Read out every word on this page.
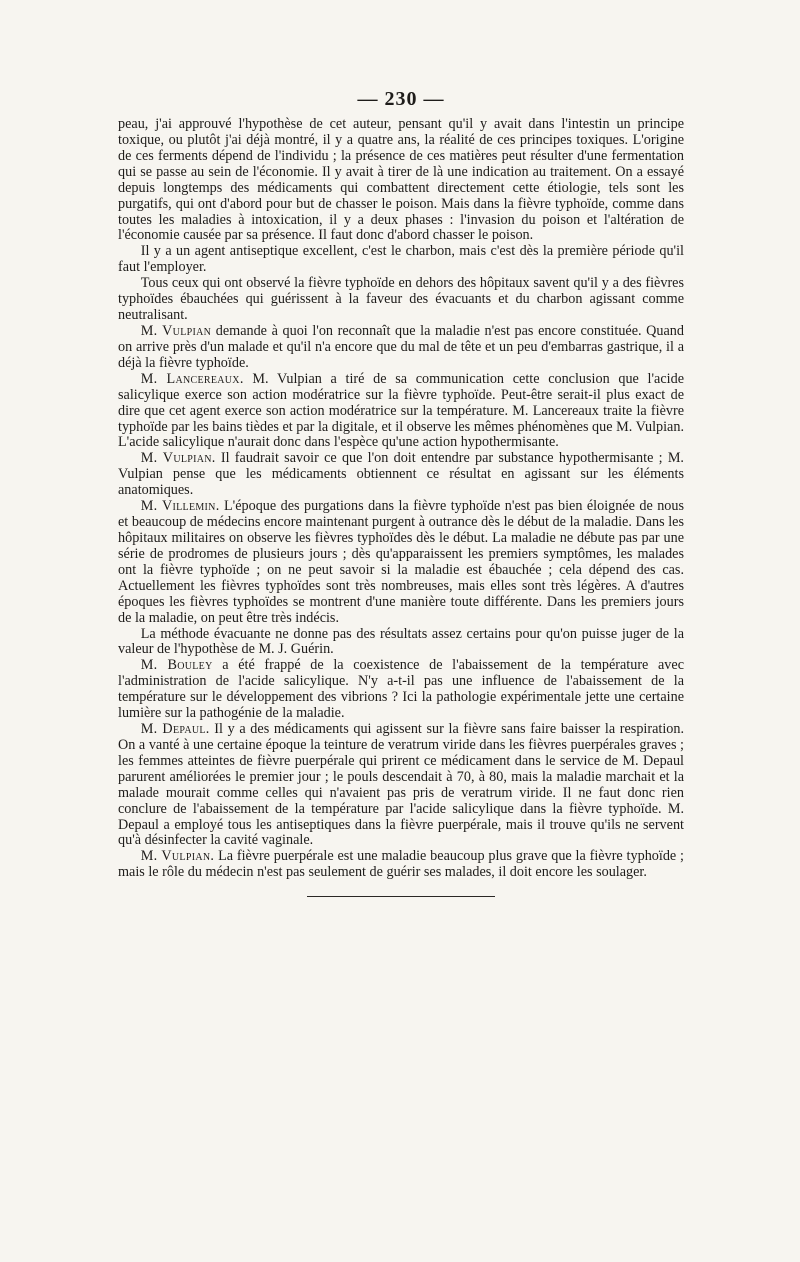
— 230 —

peau, j'ai approuvé l'hypothèse de cet auteur, pensant qu'il y avait dans l'intestin un principe toxique, ou plutôt j'ai déjà montré, il y a quatre ans, la réalité de ces principes toxiques. L'origine de ces ferments dépend de l'individu ; la présence de ces matières peut résulter d'une fermentation qui se passe au sein de l'économie. Il y avait à tirer de là une indication au traitement. On a essayé depuis longtemps des médicaments qui combattent directement cette étiologie, tels sont les purgatifs, qui ont d'abord pour but de chasser le poison. Mais dans la fièvre typhoïde, comme dans toutes les maladies à intoxication, il y a deux phases : l'invasion du poison et l'altération de l'économie causée par sa présence. Il faut donc d'abord chasser le poison.

Il y a un agent antiseptique excellent, c'est le charbon, mais c'est dès la première période qu'il faut l'employer.

Tous ceux qui ont observé la fièvre typhoïde en dehors des hôpitaux savent qu'il y a des fièvres typhoïdes ébauchées qui guérissent à la faveur des évacuants et du charbon agissant comme neutralisant.

M. Vulpian demande à quoi l'on reconnaît que la maladie n'est pas encore constituée. Quand on arrive près d'un malade et qu'il n'a encore que du mal de tête et un peu d'embarras gastrique, il a déjà la fièvre typhoïde.

M. Lancereaux. M. Vulpian a tiré de sa communication cette conclusion que l'acide salicylique exerce son action modératrice sur la fièvre typhoïde. Peut-être serait-il plus exact de dire que cet agent exerce son action modératrice sur la température. M. Lancereaux traite la fièvre typhoïde par les bains tièdes et par la digitale, et il observe les mêmes phénomènes que M. Vulpian. L'acide salicylique n'aurait donc dans l'espèce qu'une action hypothermisante.

M. Vulpian. Il faudrait savoir ce que l'on doit entendre par substance hypothermisante ; M. Vulpian pense que les médicaments obtiennent ce résultat en agissant sur les éléments anatomiques.

M. Villemin. L'époque des purgations dans la fièvre typhoïde n'est pas bien éloignée de nous et beaucoup de médecins encore maintenant purgent à outrance dès le début de la maladie. Dans les hôpitaux militaires on observe les fièvres typhoïdes dès le début. La maladie ne débute pas par une série de prodromes de plusieurs jours ; dès qu'apparaissent les premiers symptômes, les malades ont la fièvre typhoïde ; on ne peut savoir si la maladie est ébauchée ; cela dépend des cas. Actuellement les fièvres typhoïdes sont très nombreuses, mais elles sont très légères. A d'autres époques les fièvres typhoïdes se montrent d'une manière toute différente. Dans les premiers jours de la maladie, on peut être très indécis.

La méthode évacuante ne donne pas des résultats assez certains pour qu'on puisse juger de la valeur de l'hypothèse de M. J. Guérin.

M. Bouley a été frappé de la coexistence de l'abaissement de la température avec l'administration de l'acide salicylique. N'y a-t-il pas une influence de l'abaissement de la température sur le développement des vibrions ? Ici la pathologie expérimentale jette une certaine lumière sur la pathogénie de la maladie.

M. Depaul. Il y a des médicaments qui agissent sur la fièvre sans faire baisser la respiration. On a vanté à une certaine époque la teinture de veratrum viride dans les fièvres puerpérales graves ; les femmes atteintes de fièvre puerpérale qui prirent ce médicament dans le service de M. Depaul parurent améliorées le premier jour ; le pouls descendait à 70, à 80, mais la maladie marchait et la malade mourait comme celles qui n'avaient pas pris de veratrum viride. Il ne faut donc rien conclure de l'abaissement de la température par l'acide salicylique dans la fièvre typhoïde. M. Depaul a employé tous les antiseptiques dans la fièvre puerpérale, mais il trouve qu'ils ne servent qu'à désinfecter la cavité vaginale.

M. Vulpian. La fièvre puerpérale est une maladie beaucoup plus grave que la fièvre typhoïde ; mais le rôle du médecin n'est pas seulement de guérir ses malades, il doit encore les soulager.
